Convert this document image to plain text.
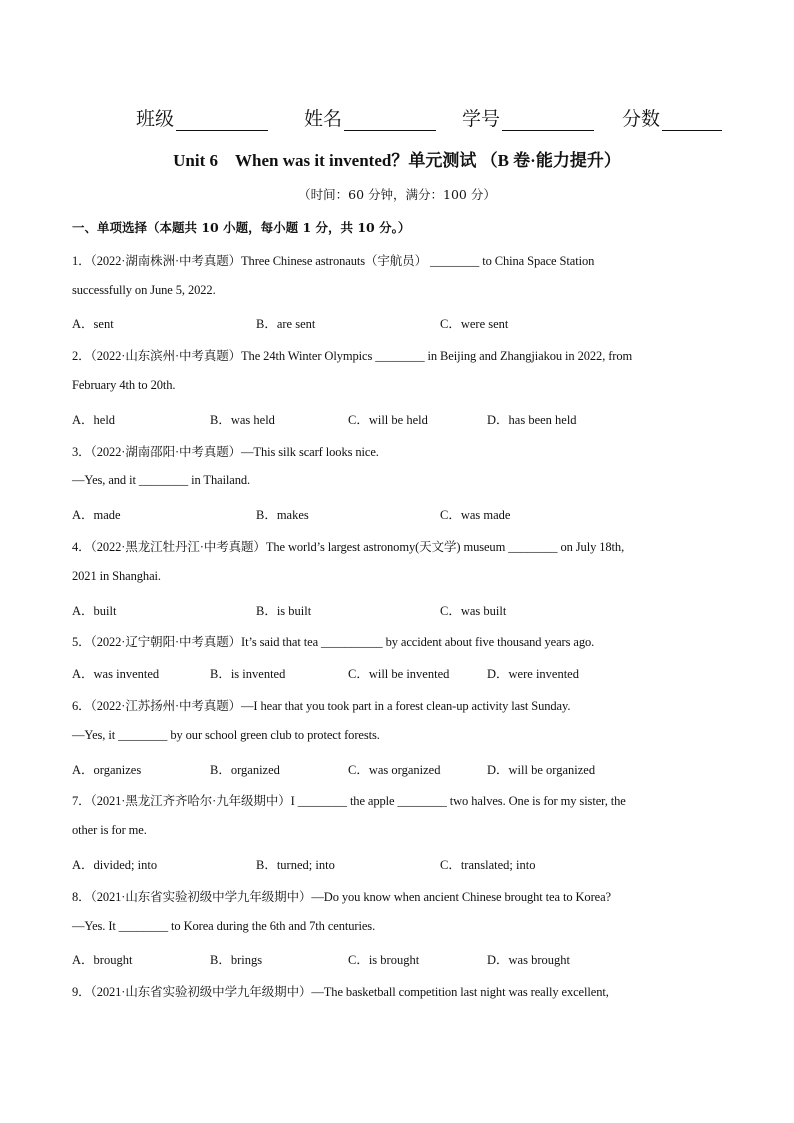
班级	姓名	学号	分数
Unit 6　When was it invented？单元测试 （B 卷·能力提升）
（时间：60 分钟，满分：100 分）
一、单项选择（本题共 10 小题，每小题 1 分，共 10 分。）
1．（2022·湖南株洲·中考真题）Three Chinese astronauts（宇航员） ________ to China Space Station
successfully on June 5, 2022.
A．sent	B．are sent	C．were sent
2．（2022·山东滨州·中考真题）The 24th Winter Olympics ________ in Beijing and Zhangjiakou in 2022, from
February 4th to 20th.
A．held	B．was held	C．will be held	D．has been held
3．（2022·湖南邵阳·中考真题）—This silk scarf looks nice.
—Yes, and it ________ in Thailand.
A．made	B．makes	C．was made
4．（2022·黑龙江牡丹江·中考真题）The world’s largest astronomy(天文学) museum ________ on July 18th,
2021 in Shanghai.
A．built	B．is built	C．was built
5．（2022·辽宁朝阳·中考真题）It’s said that tea __________ by accident about five thousand years ago.
A．was invented	B．is invented	C．will be invented	D．were invented
6．（2022·江苏扬州·中考真题）—I hear that you took part in a forest clean-up activity last Sunday.
—Yes, it ________ by our school green club to protect forests.
A．organizes	B．organized	C．was organized	D．will be organized
7．（2021·黑龙江齐齐哈尔·九年级期中）I ________ the apple ________ two halves. One is for my sister, the
other is for me.
A．divided; into	B．turned; into	C．translated; into
8．（2021·山东省实验初级中学九年级期中）—Do you know when ancient Chinese brought tea to Korea?
—Yes. It ________ to Korea during the 6th and 7th centuries.
A．brought	B．brings	C．is brought	D．was brought
9．（2021·山东省实验初级中学九年级期中）—The basketball competition last night was really excellent,
